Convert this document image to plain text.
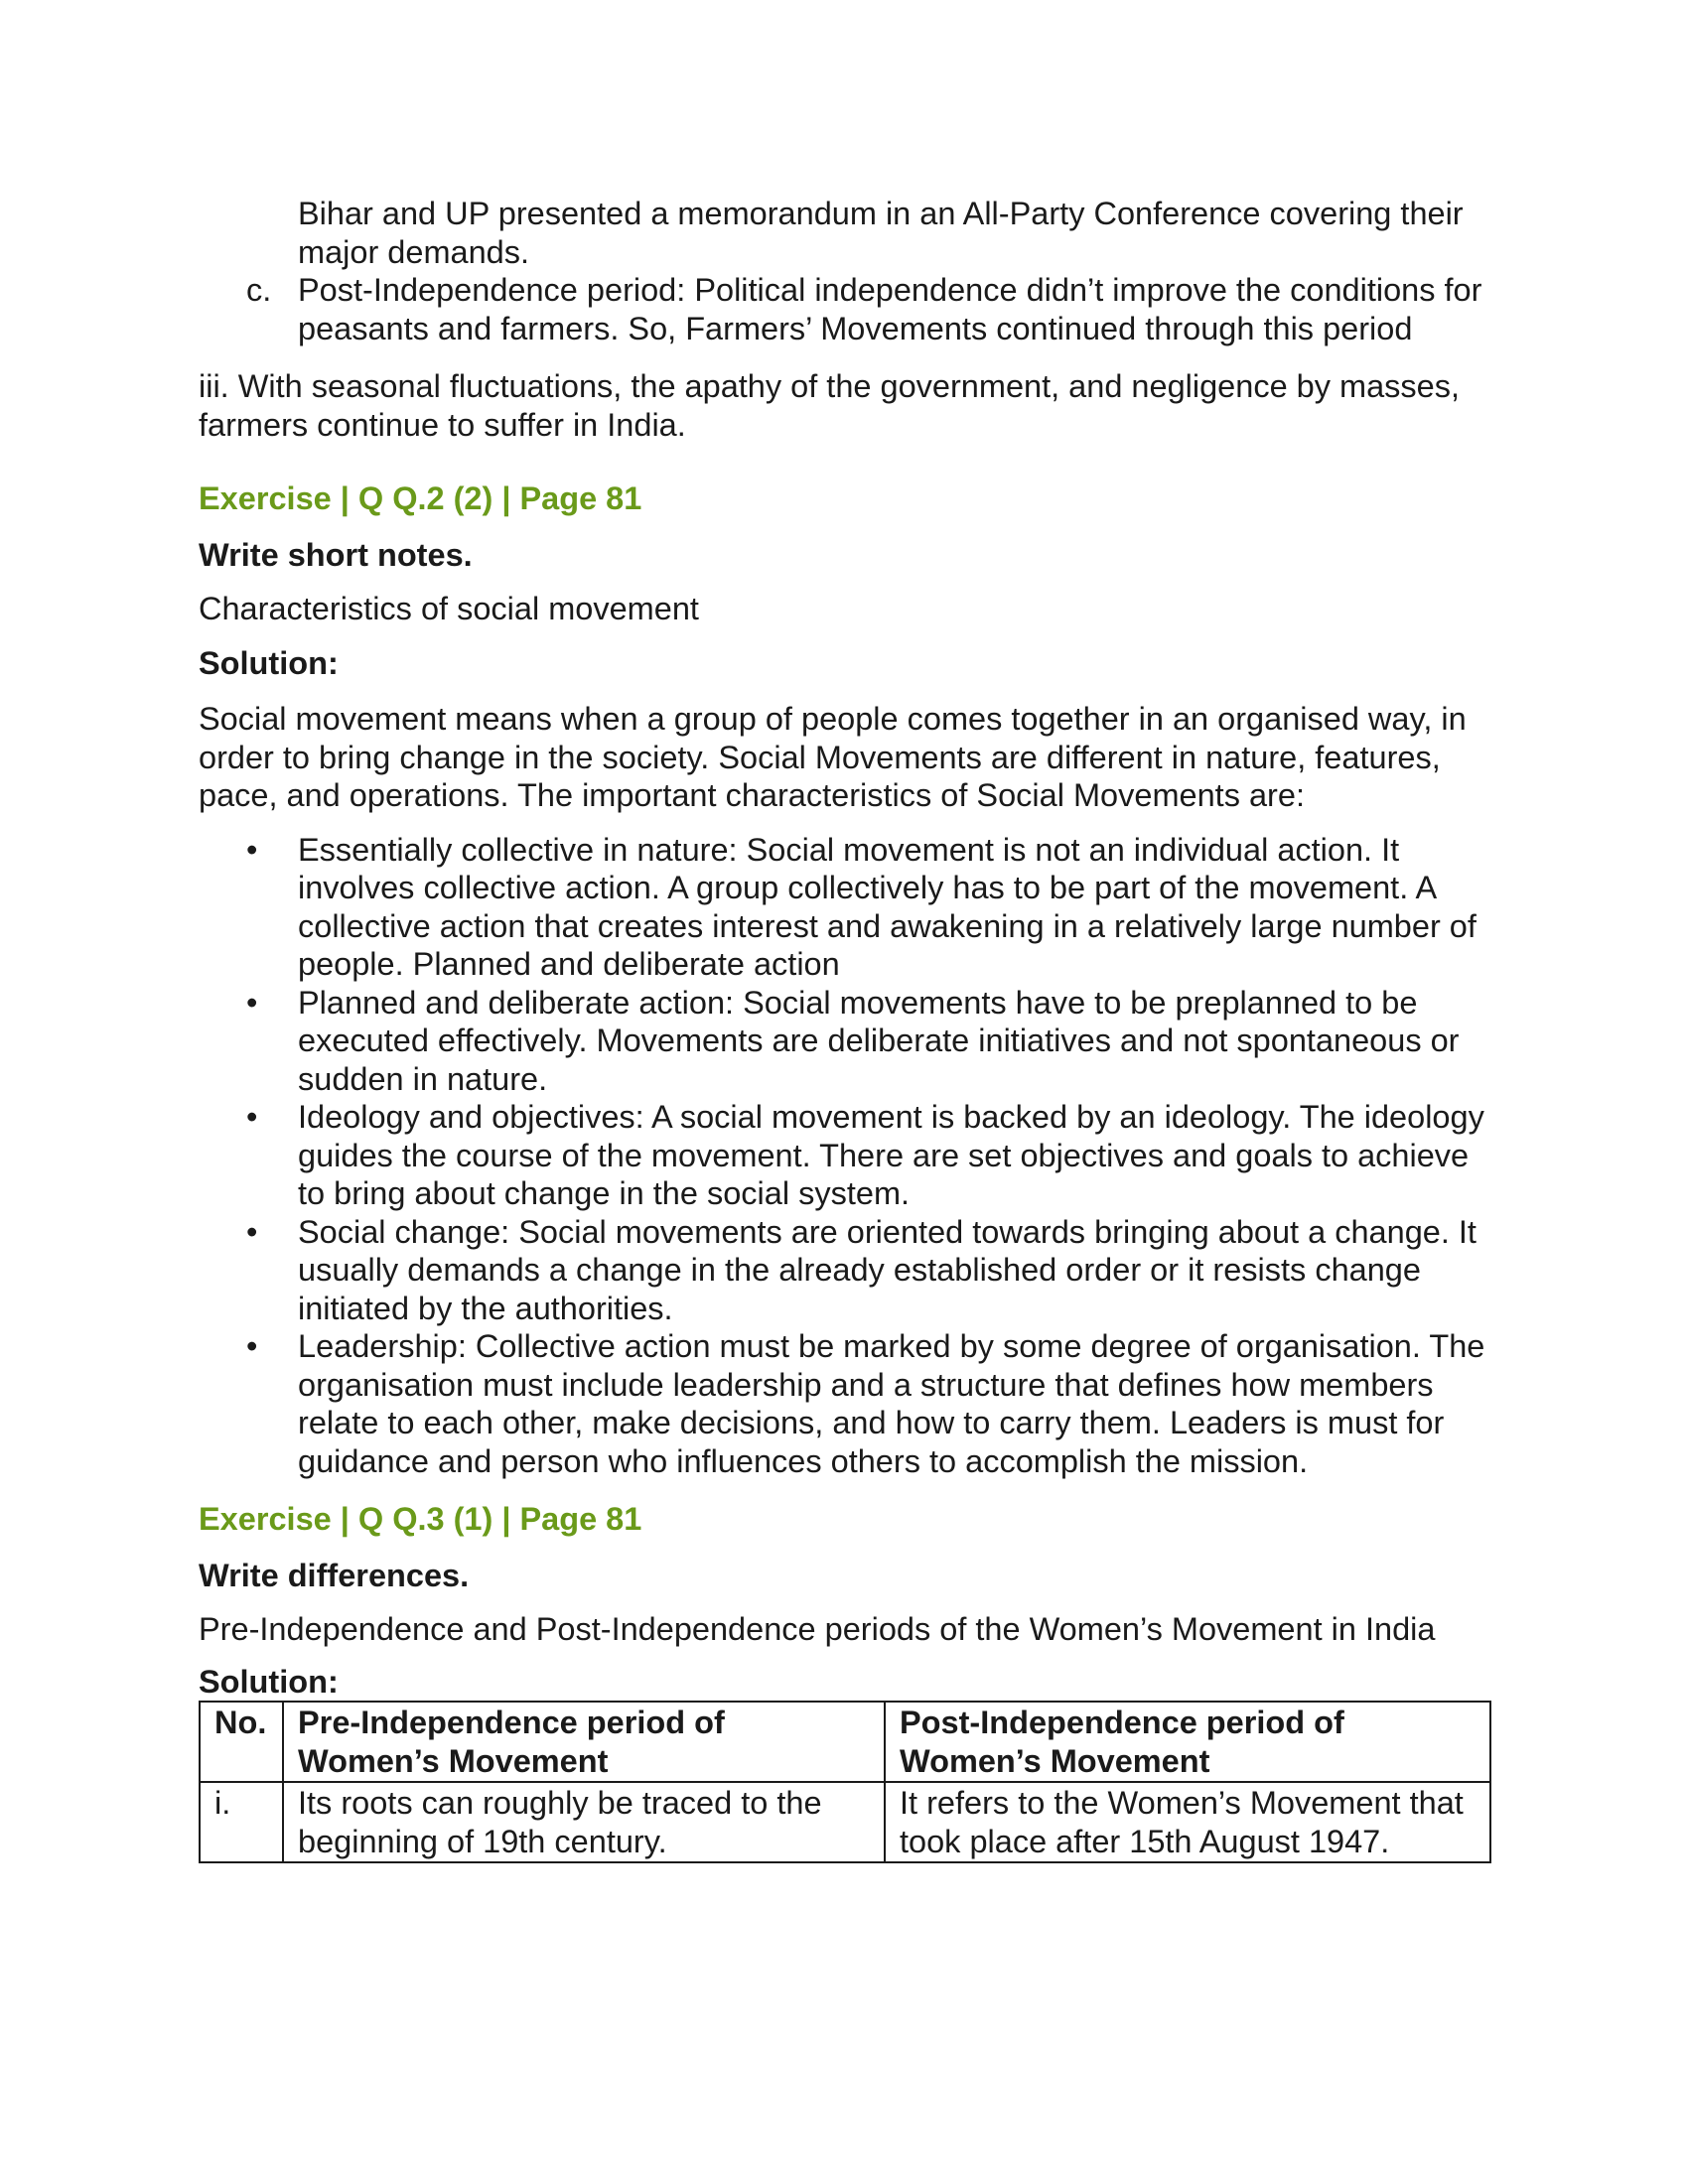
Bihar and UP presented a memorandum in an All-Party Conference covering their major demands.
c. Post-Independence period: Political independence didn’t improve the conditions for peasants and farmers. So, Farmers’ Movements continued through this period
iii. With seasonal fluctuations, the apathy of the government, and negligence by masses, farmers continue to suffer in India.
Exercise | Q Q.2 (2) | Page 81
Write short notes.
Characteristics of social movement
Solution:
Social movement means when a group of people comes together in an organised way, in order to bring change in the society. Social Movements are different in nature, features, pace, and operations. The important characteristics of Social Movements are:
• Essentially collective in nature: Social movement is not an individual action. It involves collective action. A group collectively has to be part of the movement. A collective action that creates interest and awakening in a relatively large number of people. Planned and deliberate action
• Planned and deliberate action: Social movements have to be preplanned to be executed effectively. Movements are deliberate initiatives and not spontaneous or sudden in nature.
• Ideology and objectives: A social movement is backed by an ideology. The ideology guides the course of the movement. There are set objectives and goals to achieve to bring about change in the social system.
• Social change: Social movements are oriented towards bringing about a change. It usually demands a change in the already established order or it resists change initiated by the authorities.
• Leadership: Collective action must be marked by some degree of organisation. The organisation must include leadership and a structure that defines how members relate to each other, make decisions, and how to carry them. Leaders is must for guidance and person who influences others to accomplish the mission.
Exercise | Q Q.3 (1) | Page 81
Write differences.
Pre-Independence and Post-Independence periods of the Women’s Movement in India
Solution:
No.	Pre-Independence period of Women’s Movement	Post-Independence period of Women’s Movement
i.	Its roots can roughly be traced to the beginning of 19th century.	It refers to the Women’s Movement that took place after 15th August 1947.
